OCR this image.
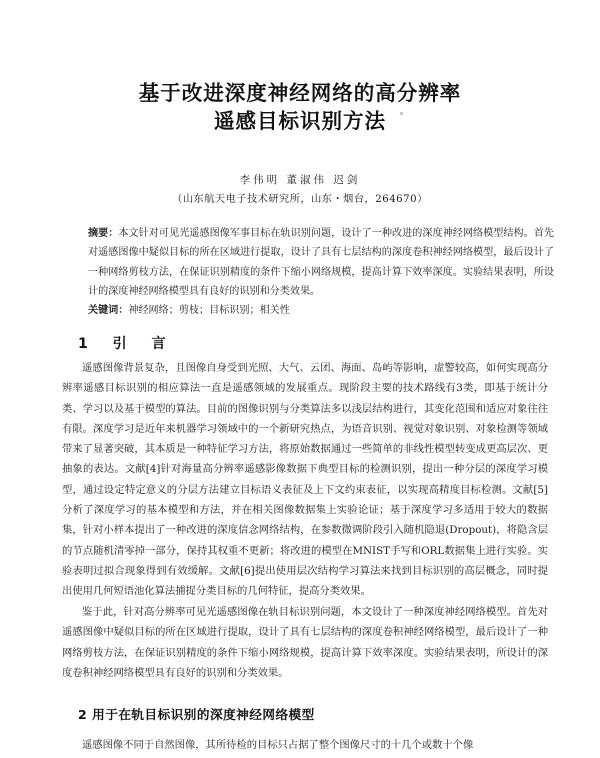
基于改进深度神经网络的高分辨率
遥感目标识别方法
李伟明 董淑伟 迟剑
（山东航天电子技术研究所，山东・烟台，264670）
摘要：本文针对可见光遥感图像军事目标在轨识别问题，设计了一种改进的深度神经网络模型结构。首先对遥感图像中疑似目标的所在区域进行提取，设计了具有七层结构的深度卷积神经网络模型，最后设计了一种网络剪枝方法，在保证识别精度的条件下缩小网络规模，提高计算下效率深度。实验结果表明，所设计的深度神经网络模型具有良好的识别和分类效果。
关键词：神经网络；剪枝；目标识别；相关性
1 引 言
遥感图像背景复杂，且图像自身受到光照、大气、云团、海面、岛屿等影响，虚警较高，如何实现高分辨率遥感目标识别的相应算法一直是遥感领域的发展重点。现阶段主要的技术路线有3类，即基于统计分类、学习以及基于模型的算法。目前的图像识别与分类算法多以浅层结构进行，其变化范围和适应对象往往有限。深度学习是近年来机器学习领域中的一个新研究热点，为语音识别、视觉对象识别、对象检测等领域带来了显著突破，其本质是一种特征学习方法，将原始数据通过一些简单的非线性模型转变成更高层次、更抽象的表达。文献[4]针对海量高分辨率遥感影像数据下典型目标的检测识别，提出一种分层的深度学习模型，通过设定特定意义的分层方法建立目标语义表征及上下文约束表征，以实现高精度目标检测。文献[5]分析了深度学习的基本模型和方法，并在相关图像数据集上实验论证；基于深度学习多适用于较大的数据集，针对小样本提出了一种改进的深度信念网络结构，在参数微调阶段引入随机隐退(Dropout)，将隐含层的节点随机清零掉一部分，保持其权重不更新；将改进的模型在MNIST手写和ORL数据集上进行实验。实验表明过拟合现象得到有效缓解。文献[6]提出使用层次结构学习算法来找到目标识别的高层概念，同时提出使用几何短语池化算法捕捉分类目标的几何特征，提高分类效果。
鉴于此，针对高分辨率可见光遥感图像在轨目标识别问题，本文设计了一种深度神经网络模型。首先对遥感图像中疑似目标的所在区域进行提取，设计了具有七层结构的深度卷积神经网络模型，最后设计了一种网络剪枝方法，在保证识别精度的条件下缩小网络规模，提高计算下效率深度。实验结果表明，所设计的深度卷积神经网络模型具有良好的识别和分类效果。
2 用于在轨目标识别的深度神经网络模型
遥感图像不同于自然图像，其所待检的目标只占据了整个图像尺寸的十几个或数十个像
